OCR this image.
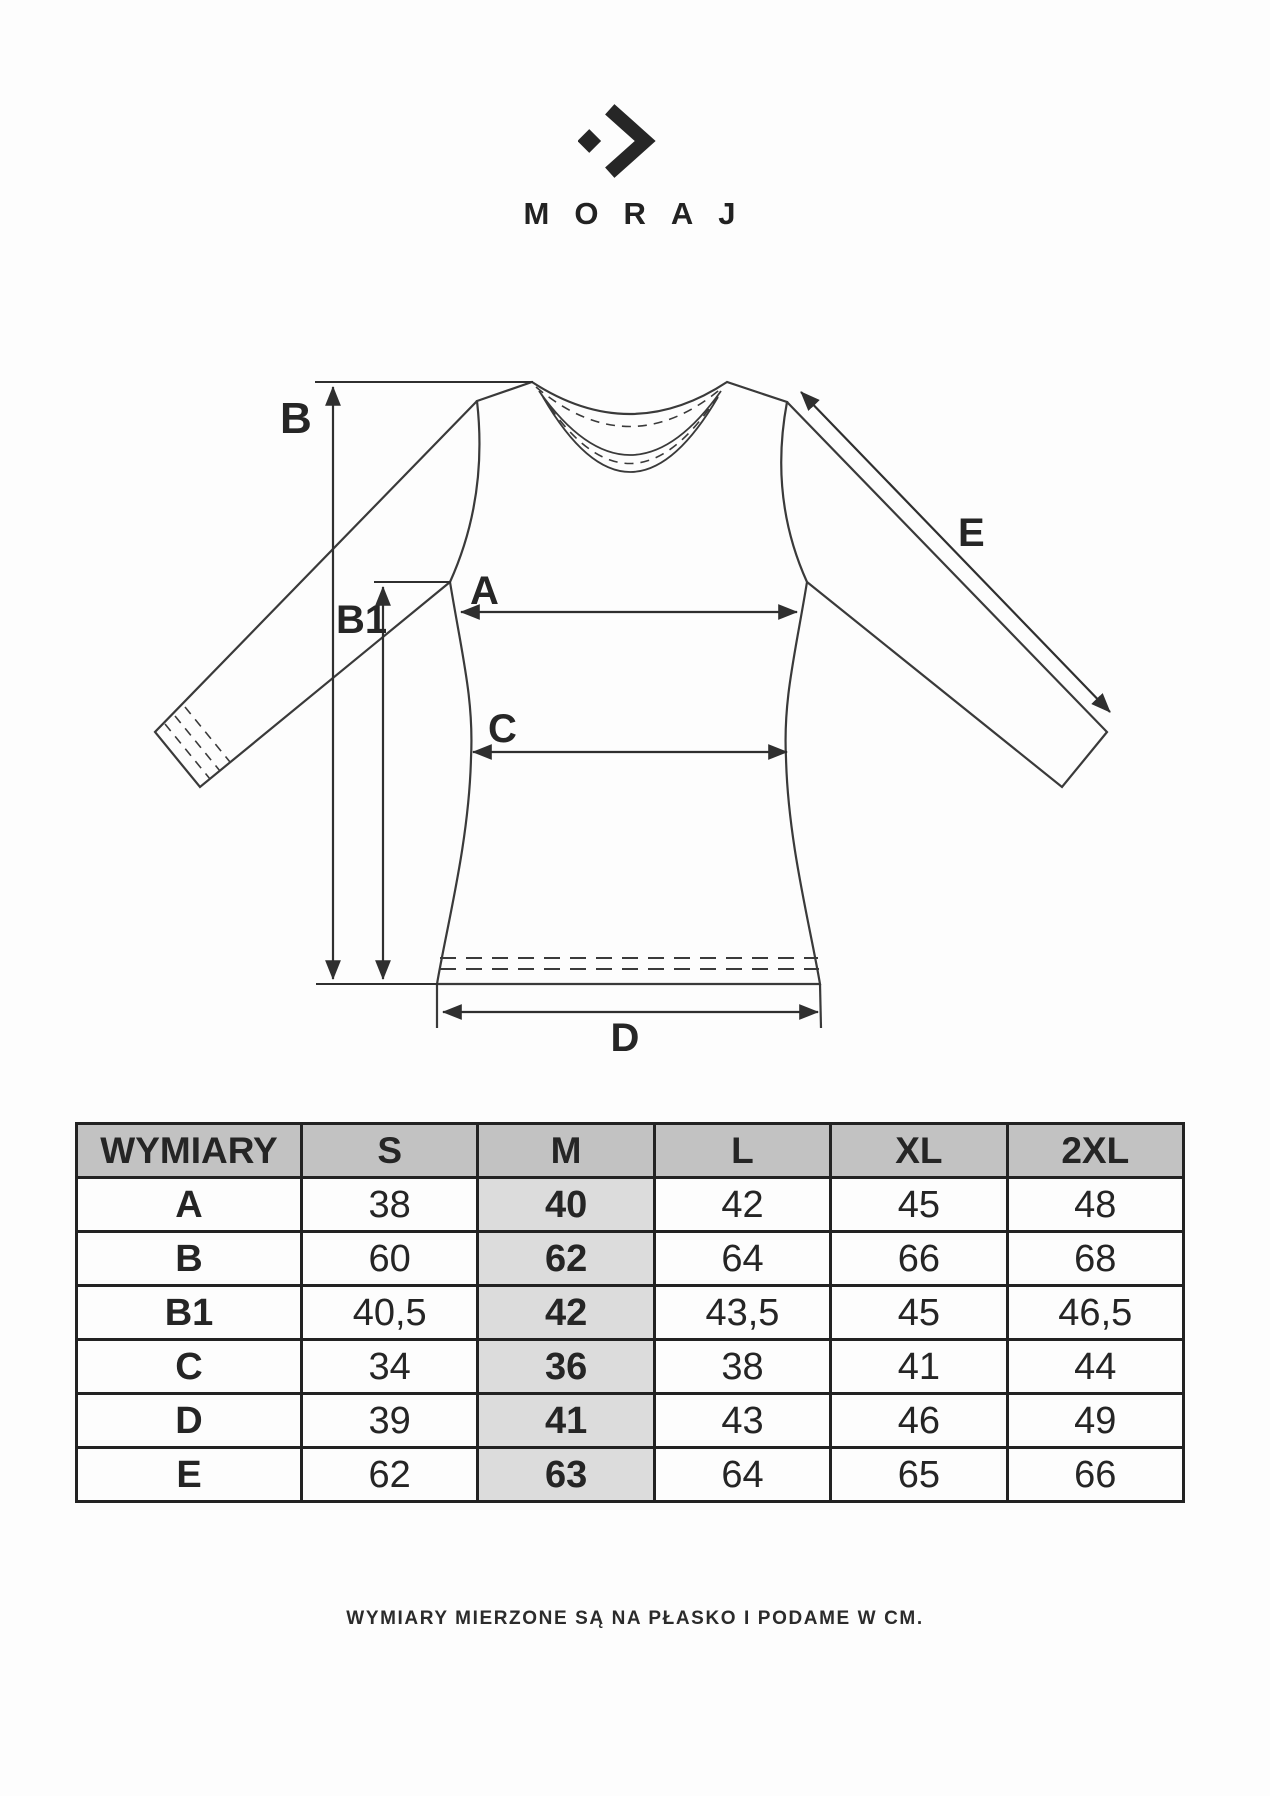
MORAJ
B
B1
A
C
D
E
WYMIARY	S	M	L	XL	2XL
A	38	40	42	45	48
B	60	62	64	66	68
B1	40,5	42	43,5	45	46,5
C	34	36	38	41	44
D	39	41	43	46	49
E	62	63	64	65	66
WYMIARY MIERZONE SĄ NA PŁASKO I PODAME W CM.
